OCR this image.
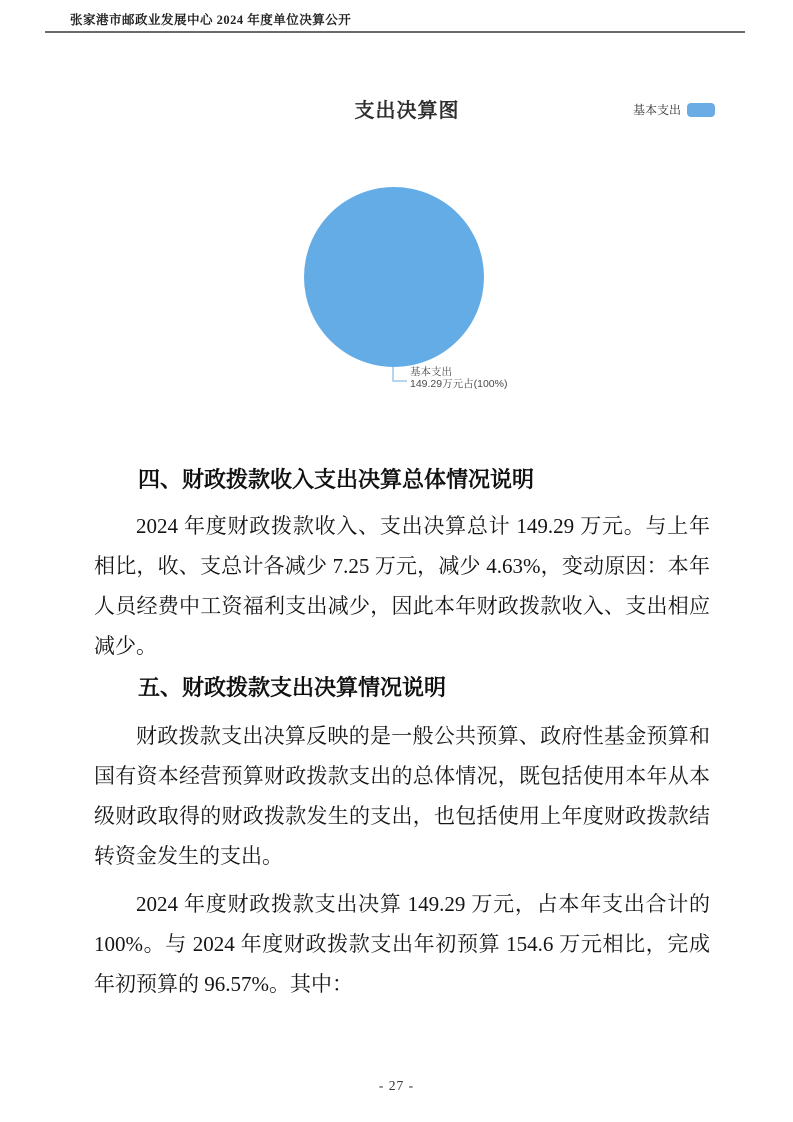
张家港市邮政业发展中心 2024 年度单位决算公开
支出决算图	基本支出
基本支出
149.29万元占(100%)
四、财政拨款收入支出决算总体情况说明
2024 年度财政拨款收入、支出决算总计 149.29 万元。与上年相比，收、支总计各减少 7.25 万元，减少 4.63%，变动原因：本年人员经费中工资福利支出减少，因此本年财政拨款收入、支出相应减少。
五、财政拨款支出决算情况说明
财政拨款支出决算反映的是一般公共预算、政府性基金预算和国有资本经营预算财政拨款支出的总体情况，既包括使用本年从本级财政取得的财政拨款发生的支出，也包括使用上年度财政拨款结转资金发生的支出。
2024 年度财政拨款支出决算 149.29 万元，占本年支出合计的 100%。与 2024 年度财政拨款支出年初预算 154.6 万元相比，完成年初预算的 96.57%。其中：
- 27 -
